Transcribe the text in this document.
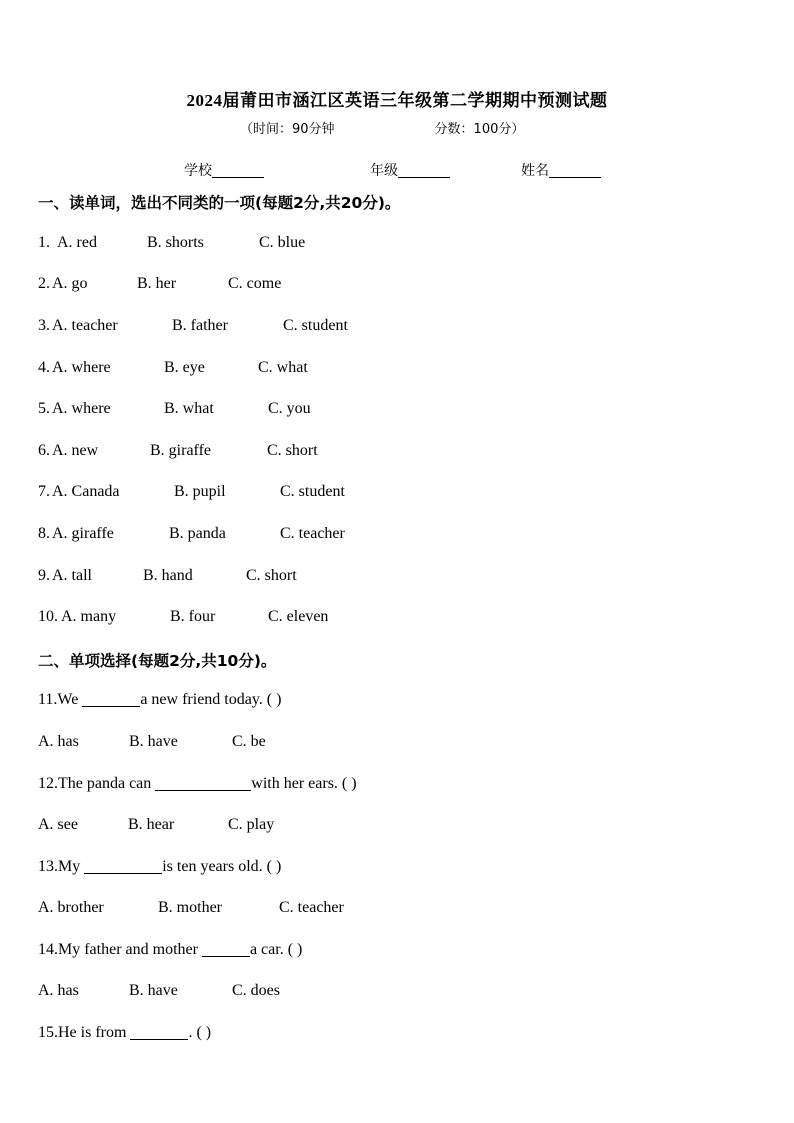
2024届莆田市涵江区英语三年级第二学期期中预测试题
（时间：90分钟	分数：100分）
学校	年级	姓名
一、读单词，选出不同类的一项(每题2分,共20分)。
1. A. red	B. shorts	C. blue
2. A. go	B. her	C. come
3. A. teacher	B. father	C. student
4. A. where	B. eye	C. what
5. A. where	B. what	C. you
6. A. new	B. giraffe	C. short
7. A. Canada	B. pupil	C. student
8. A. giraffe	B. panda	C. teacher
9. A. tall	B. hand	C. short
10. A. many	B. four	C. eleven
二、单项选择(每题2分,共10分)。
11.We	a new friend today. ( )
A. has	B. have	C. be
12.The panda can	with her ears. ( )
A. see	B. hear	C. play
13.My	is ten years old. ( )
A. brother	B. mother	C. teacher
14.My father and mother	a car. ( )
A. has	B. have	C. does
15.He is from	. ( )
